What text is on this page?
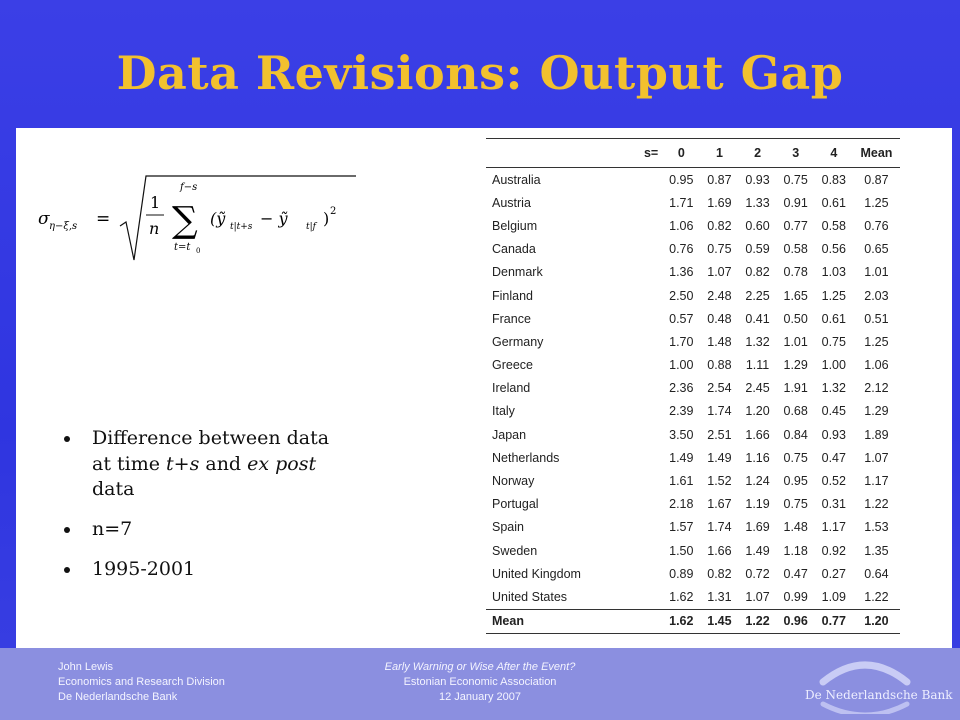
Data Revisions: Output Gap
σ η−ξ,s =
1
n
f−s
∑
t=t 0
(ỹ t|t+s − ỹ t|f ) 2
Difference between data at time t+s and ex post data
n=7
1995-2001
	s=	0	1	2	3	4	Mean
Australia		0.95	0.87	0.93	0.75	0.83	0.87
Austria		1.71	1.69	1.33	0.91	0.61	1.25
Belgium		1.06	0.82	0.60	0.77	0.58	0.76
Canada		0.76	0.75	0.59	0.58	0.56	0.65
Denmark		1.36	1.07	0.82	0.78	1.03	1.01
Finland		2.50	2.48	2.25	1.65	1.25	2.03
France		0.57	0.48	0.41	0.50	0.61	0.51
Germany		1.70	1.48	1.32	1.01	0.75	1.25
Greece		1.00	0.88	1.11	1.29	1.00	1.06
Ireland		2.36	2.54	2.45	1.91	1.32	2.12
Italy		2.39	1.74	1.20	0.68	0.45	1.29
Japan		3.50	2.51	1.66	0.84	0.93	1.89
Netherlands		1.49	1.49	1.16	0.75	0.47	1.07
Norway		1.61	1.52	1.24	0.95	0.52	1.17
Portugal		2.18	1.67	1.19	0.75	0.31	1.22
Spain		1.57	1.74	1.69	1.48	1.17	1.53
Sweden		1.50	1.66	1.49	1.18	0.92	1.35
United Kingdom		0.89	0.82	0.72	0.47	0.27	0.64
United States		1.62	1.31	1.07	0.99	1.09	1.22
Mean		1.62	1.45	1.22	0.96	0.77	1.20
John Lewis
Economics and Research Division
De Nederlandsche Bank
Early Warning or Wise After the Event?
Estonian Economic Association
12 January 2007	De Nederlandsche Bank
